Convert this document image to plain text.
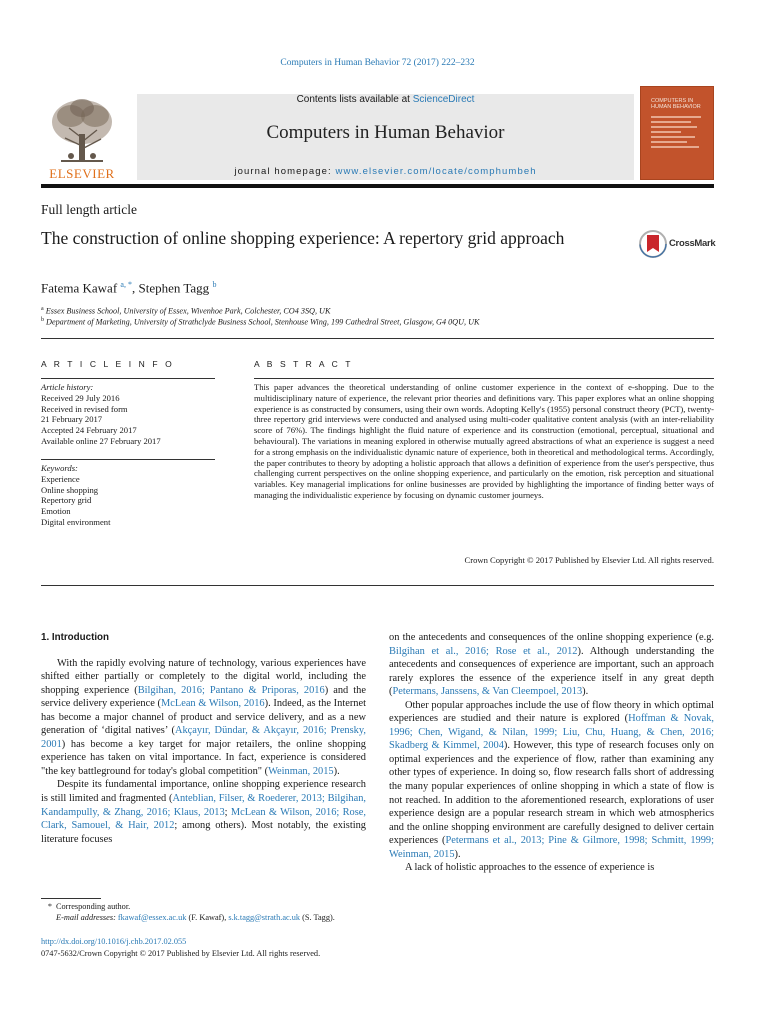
Computers in Human Behavior 72 (2017) 222–232
ELSEVIER
Contents lists available at ScienceDirect
Computers in Human Behavior
journal homepage: www.elsevier.com/locate/comphumbeh
COMPUTERS IN HUMAN BEHAVIOR
Full length article
The construction of online shopping experience: A repertory grid approach	CrossMark
Fatema Kawaf $^{a, *}$, Stephen Tagg $^b$
$^a$ Essex Business School, University of Essex, Wivenhoe Park, Colchester, CO4 3SQ, UK
$^b$ Department of Marketing, University of Strathclyde Business School, Stenhouse Wing, 199 Cathedral Street, Glasgow, G4 0QU, UK
A R T I C L E I N F O	A B S T R A C T
Article history:
Received 29 July 2016
Received in revised form
21 February 2017
Accepted 24 February 2017
Available online 27 February 2017
Keywords:
Experience
Online shopping
Repertory grid
Emotion
Digital environment
This paper advances the theoretical understanding of online customer experience in the context of e-shopping. Due to the multidisciplinary nature of experience, the relevant prior theories and definitions vary. This paper explores what an online shopping experience is as constructed by consumers, using their own words. Adopting Kelly's (1955) personal construct theory (PCT), twenty-three repertory grid interviews were conducted and analysed using multi-coder qualitative content analysis (with an inter-reliability score of 76%). The findings highlight the fluid nature of experience and its construction (emotional, perceptual, situational and behavioural). The variations in meaning explored in otherwise mutually agreed abstractions of what an experience is suggest a need for a strong emphasis on the individualistic dynamic nature of experience, both in theoretical and methodological terms. Accordingly, the paper contributes to theory by adopting a holistic approach that allows a definition of experience from the user's perspective, thus challenging current perspectives on the online shopping experience, and particularly on the emotion, risk perception and situational variables. Key managerial implications for online businesses are provided by highlighting the importance of finding better ways of managing the individualistic experience by focusing on dynamic customer journeys.
Crown Copyright © 2017 Published by Elsevier Ltd. All rights reserved.
1. Introduction

With the rapidly evolving nature of technology, various experiences have shifted either partially or completely to the digital world, including the shopping experience (Bilgihan, 2016; Pantano & Priporas, 2016) and the service delivery experience (McLean & Wilson, 2016). Indeed, as the Internet has become a major channel of product and service delivery, and as a new generation of ‘digital natives’ (Akçayır, Dündar, & Akçayır, 2016; Prensky, 2001) has become a key target for major retailers, the online shopping experience has taken on vital importance. In fact, experience is considered "the key battleground for today's global competition" (Weinman, 2015).

Despite its fundamental importance, online shopping experience research is still limited and fragmented (Anteblian, Filser, & Roederer, 2013; Bilgihan, Kandampully, & Zhang, 2016; Klaus, 2013; McLean & Wilson, 2016; Rose, Clark, Samouel, & Hair, 2012; among others). Most notably, the existing literature focuses

on the antecedents and consequences of the online shopping experience (e.g. Bilgihan et al., 2016; Rose et al., 2012). Although understanding the antecedents and consequences of experience are important, such an approach rarely explores the essence of the experience itself in any great depth (Petermans, Janssens, & Van Cleempoel, 2013).

Other popular approaches include the use of flow theory in which optimal experiences are studied and their nature is explored (Hoffman & Novak, 1996; Chen, Wigand, & Nilan, 1999; Liu, Chu, Huang, & Chen, 2016; Skadberg & Kimmel, 2004). However, this type of research focuses only on optimal experiences and the experience of flow, rather than examining any other types of experience. In doing so, flow research falls short of addressing the many popular experiences of online shopping in which a state of flow is not reached. In addition to the aforementioned research, explorations of user experience design are a popular research stream in which web atmospherics and the online shopping environment are carefully designed to deliver certain experiences (Petermans et al., 2013; Pine & Gilmore, 1998; Schmitt, 1999; Weinman, 2015).

A lack of holistic approaches to the essence of experience is

* Corresponding author.
E-mail addresses: fkawaf@essex.ac.uk (F. Kawaf), s.k.tagg@strath.ac.uk (S. Tagg).
http://dx.doi.org/10.1016/j.chb.2017.02.055
0747-5632/Crown Copyright © 2017 Published by Elsevier Ltd. All rights reserved.
